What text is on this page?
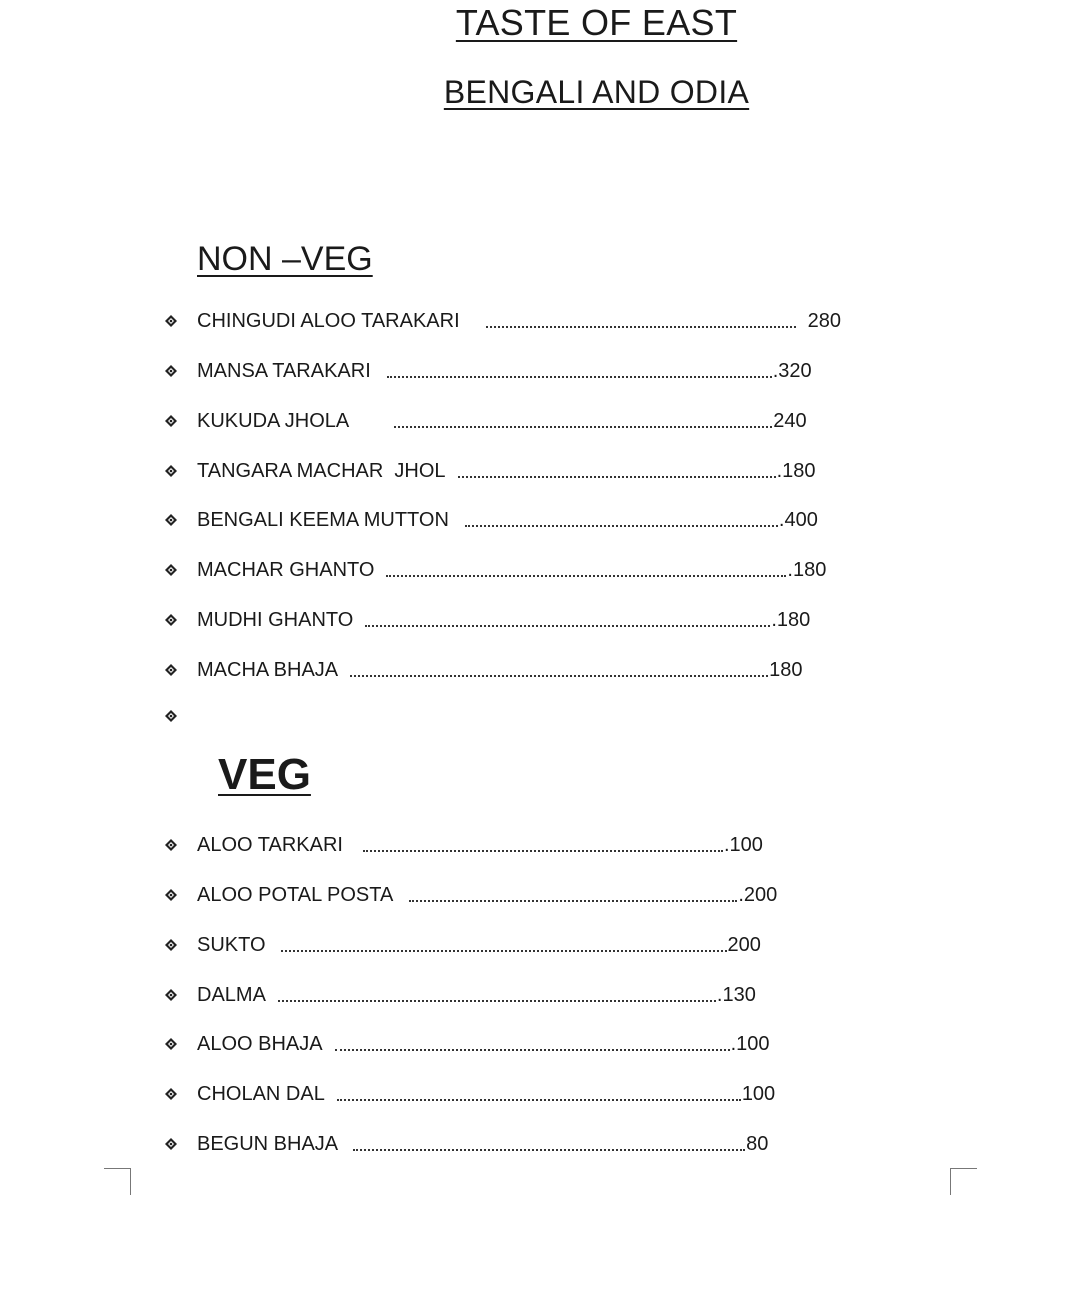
TASTE OF EAST
BENGALI AND ODIA
NON –VEG
CHINGUDI ALOO TARAKARI	280
MANSA TARAKARI	.320
KUKUDA JHOLA	240
TANGARA MACHAR  JHOL	.180
BENGALI KEEMA MUTTON	.400
MACHAR GHANTO	.180
MUDHI GHANTO	.180
MACHA BHAJA	180
VEG
ALOO TARKARI	.100
ALOO POTAL POSTA	.200
SUKTO	200
DALMA	.130
ALOO BHAJA	.100
CHOLAN DAL	100
BEGUN BHAJA	80
